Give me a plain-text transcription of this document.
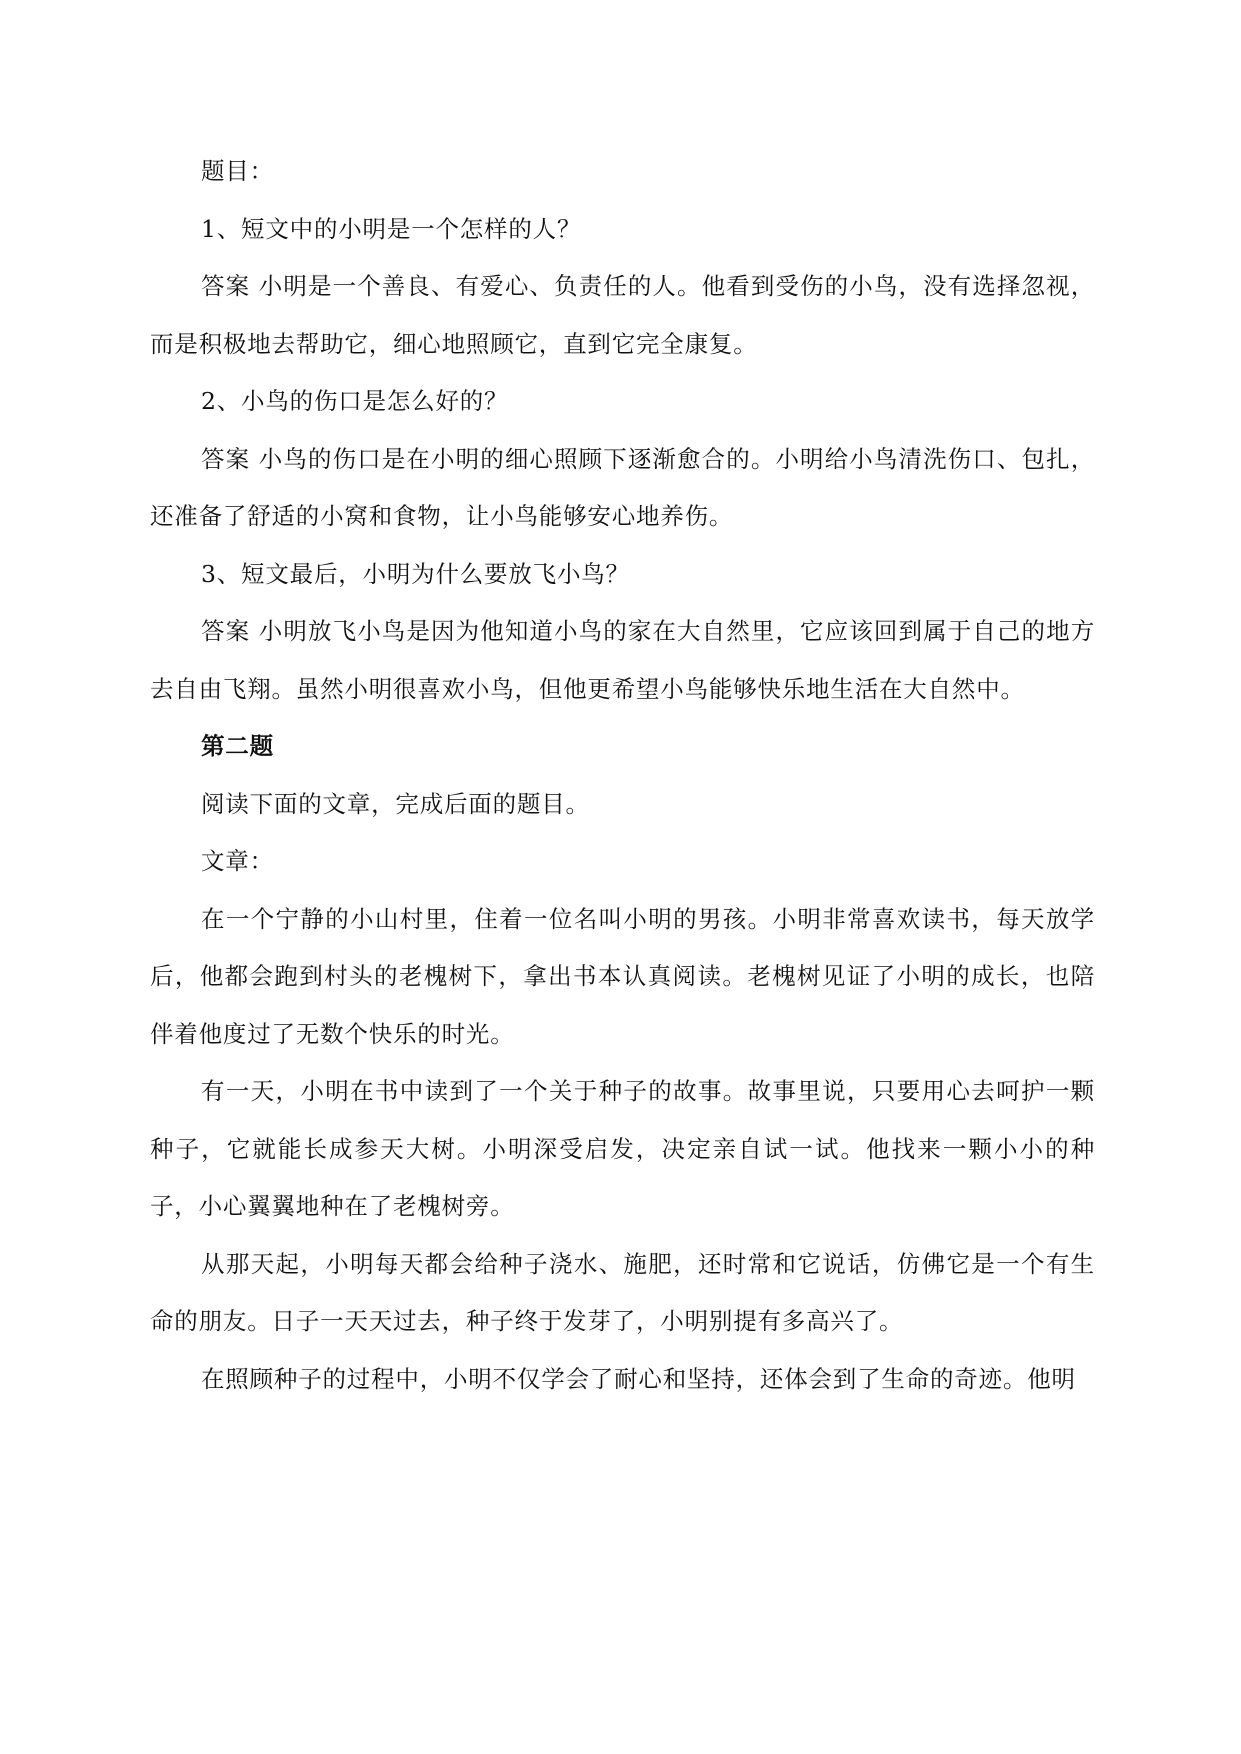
题目：

1、短文中的小明是一个怎样的人？

答案 小明是一个善良、有爱心、负责任的人。他看到受伤的小鸟，没有选择忽视，而是积极地去帮助它，细心地照顾它，直到它完全康复。

2、小鸟的伤口是怎么好的？

答案 小鸟的伤口是在小明的细心照顾下逐渐愈合的。小明给小鸟清洗伤口、包扎，还准备了舒适的小窝和食物，让小鸟能够安心地养伤。

3、短文最后，小明为什么要放飞小鸟？

答案 小明放飞小鸟是因为他知道小鸟的家在大自然里，它应该回到属于自己的地方去自由飞翔。虽然小明很喜欢小鸟，但他更希望小鸟能够快乐地生活在大自然中。

第二题

阅读下面的文章，完成后面的题目。

文章：

在一个宁静的小山村里，住着一位名叫小明的男孩。小明非常喜欢读书，每天放学后，他都会跑到村头的老槐树下，拿出书本认真阅读。老槐树见证了小明的成长，也陪伴着他度过了无数个快乐的时光。

有一天，小明在书中读到了一个关于种子的故事。故事里说，只要用心去呵护一颗种子，它就能长成参天大树。小明深受启发，决定亲自试一试。他找来一颗小小的种子，小心翼翼地种在了老槐树旁。

从那天起，小明每天都会给种子浇水、施肥，还时常和它说话，仿佛它是一个有生命的朋友。日子一天天过去，种子终于发芽了，小明别提有多高兴了。

在照顾种子的过程中，小明不仅学会了耐心和坚持，还体会到了生命的奇迹。他明
